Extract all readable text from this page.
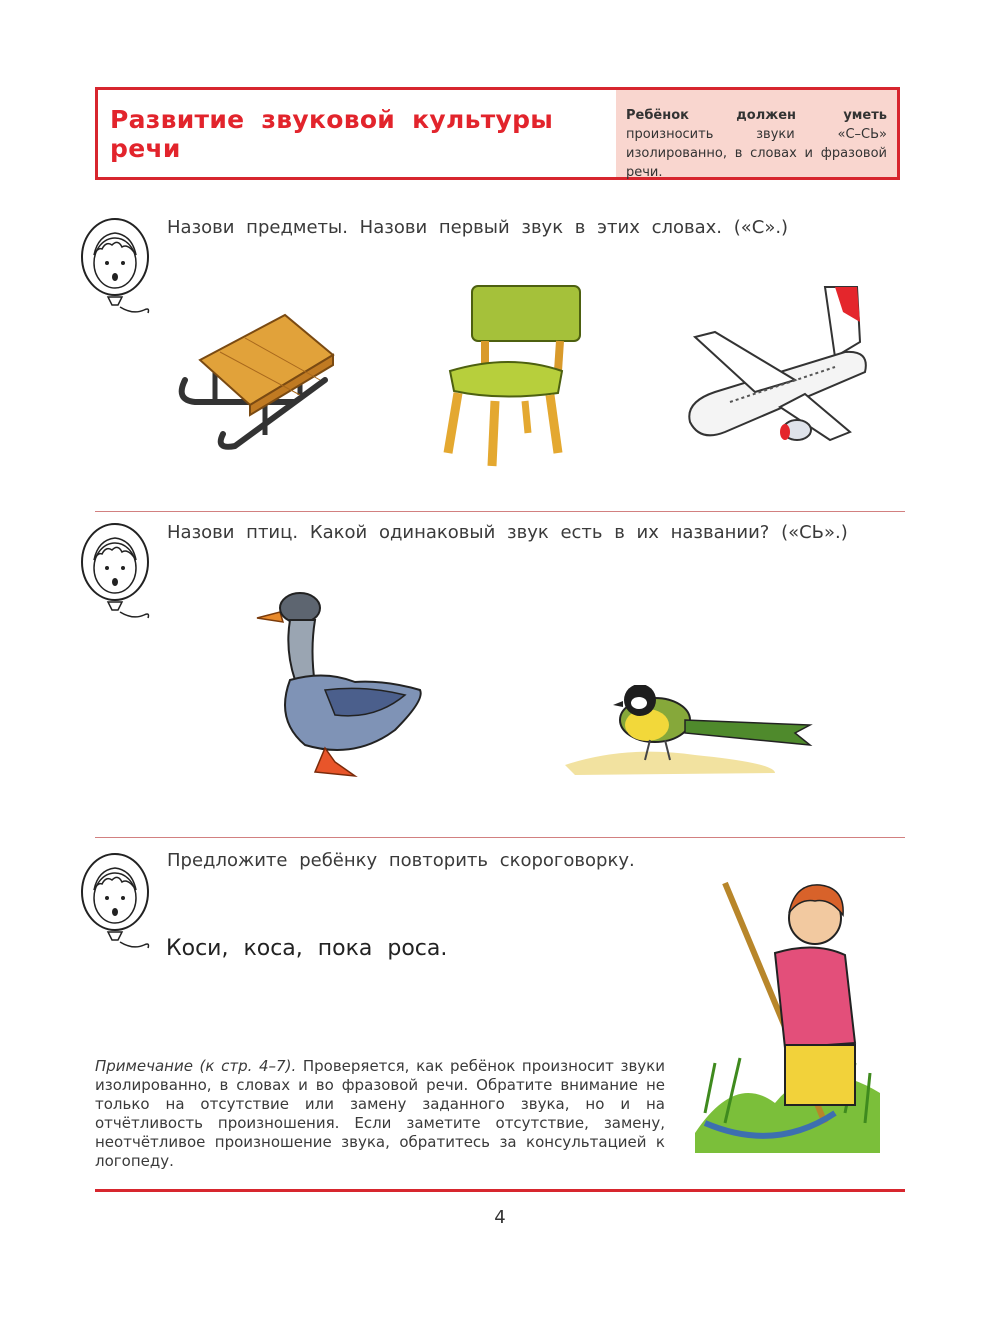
Развитие звуковой культуры речи
Ребёнок должен уметь произносить звуки «С–СЬ» изолированно, в словах и фразовой речи.
Назови предметы. Назови первый звук в этих словах. («С».)
Назови птиц. Какой одинаковый звук есть в их названии? («СЬ».)
Предложите ребёнку повторить скороговорку.
Коси, коса, пока роса.
Примечание (к стр. 4–7). Проверяется, как ребёнок произносит звуки изолированно, в словах и во фразовой речи. Обратите внимание не только на отсутствие или замену заданного звука, но и на отчётливость произношения. Если заметите отсутствие, замену, неотчётливое произношение звука, обратитесь за консультацией к логопеду.
4
